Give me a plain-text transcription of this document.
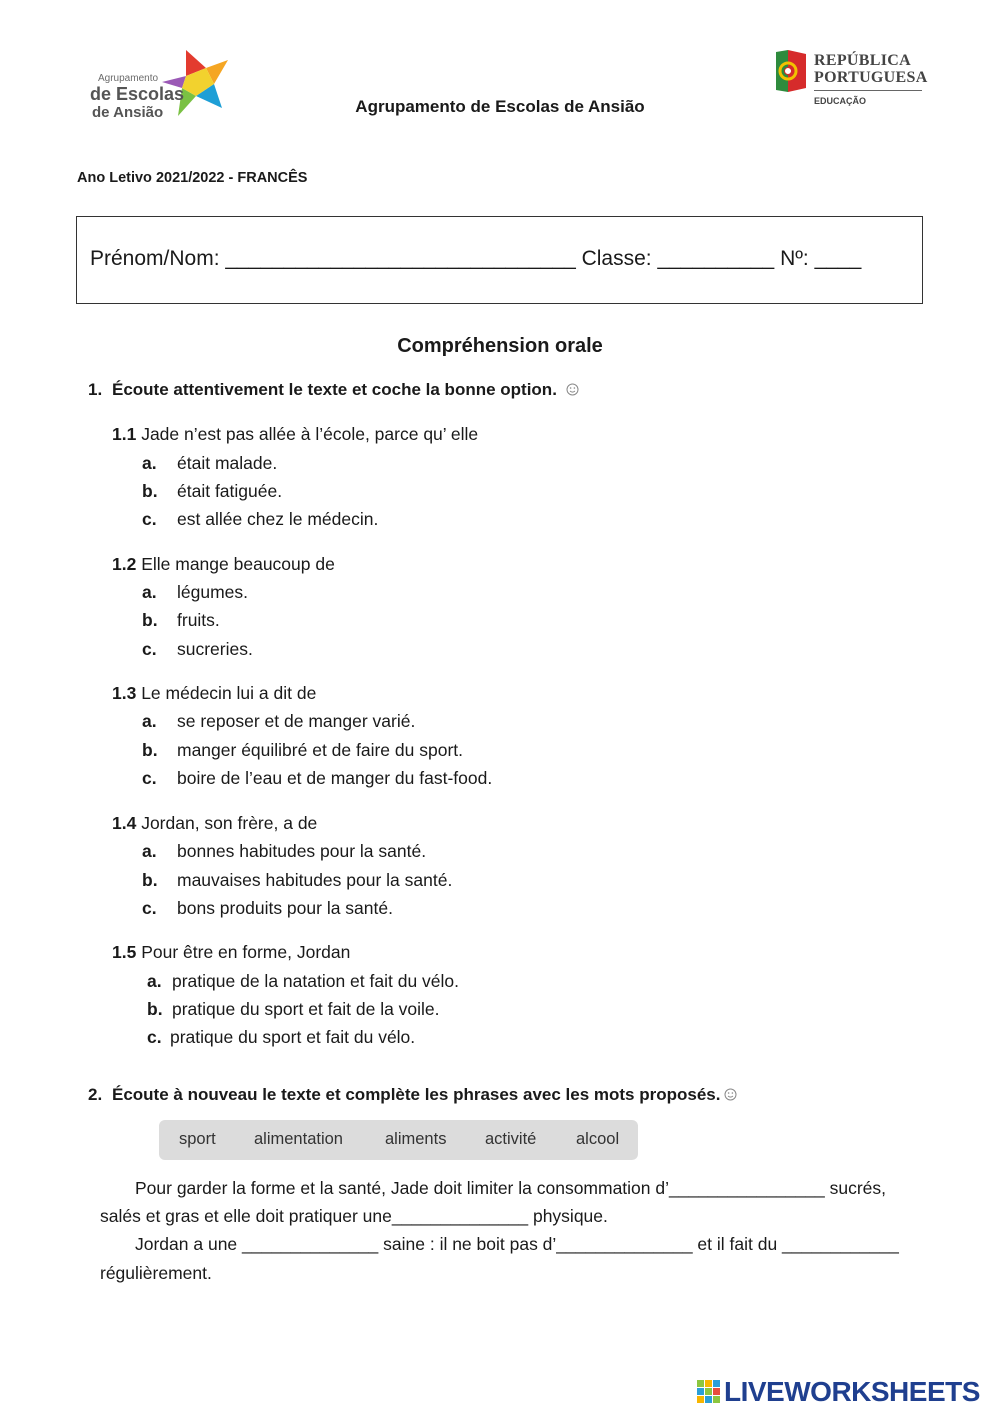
Agrupamento
de Escolas
de Ansião	Agrupamento de Escolas de Ansião
REPÚBLICA
PORTUGUESA
EDUCAÇÃO
Ano Letivo 2021/2022 - FRANCÊS
Prénom/Nom: ______________________________ Classe: __________ Nº: ____
Compréhension orale
1. Écoute attentivement le texte et coche la bonne option.
1.1 Jade n’est pas allée à l’école, parce qu’ elle
a. était malade.
b. était fatiguée.
c. est allée chez le médecin.
1.2 Elle mange beaucoup de
a. légumes.
b. fruits.
c. sucreries.
1.3 Le médecin lui a dit de
a. se reposer et de manger varié.
b. manger équilibré et de faire du sport.
c. boire de l’eau et de manger du fast-food.
1.4 Jordan, son frère, a de
a. bonnes habitudes pour la santé.
b. mauvaises habitudes pour la santé.
c. bons produits pour la santé.
1.5 Pour être en forme, Jordan
a. pratique de la natation et fait du vélo.
b. pratique du sport et fait de la voile.
c. pratique du sport et fait du vélo.
2. Écoute à nouveau le texte et complète les phrases avec les mots proposés.
sport alimentation	aliments activité alcool
Pour garder la forme et la santé, Jade doit limiter la consommation d’________________ sucrés,
salés et gras et elle doit pratiquer une______________ physique.
Jordan a une ______________ saine : il ne boit pas d’______________ et il fait du ____________
régulièrement.
LIVEWORKSHEETS
